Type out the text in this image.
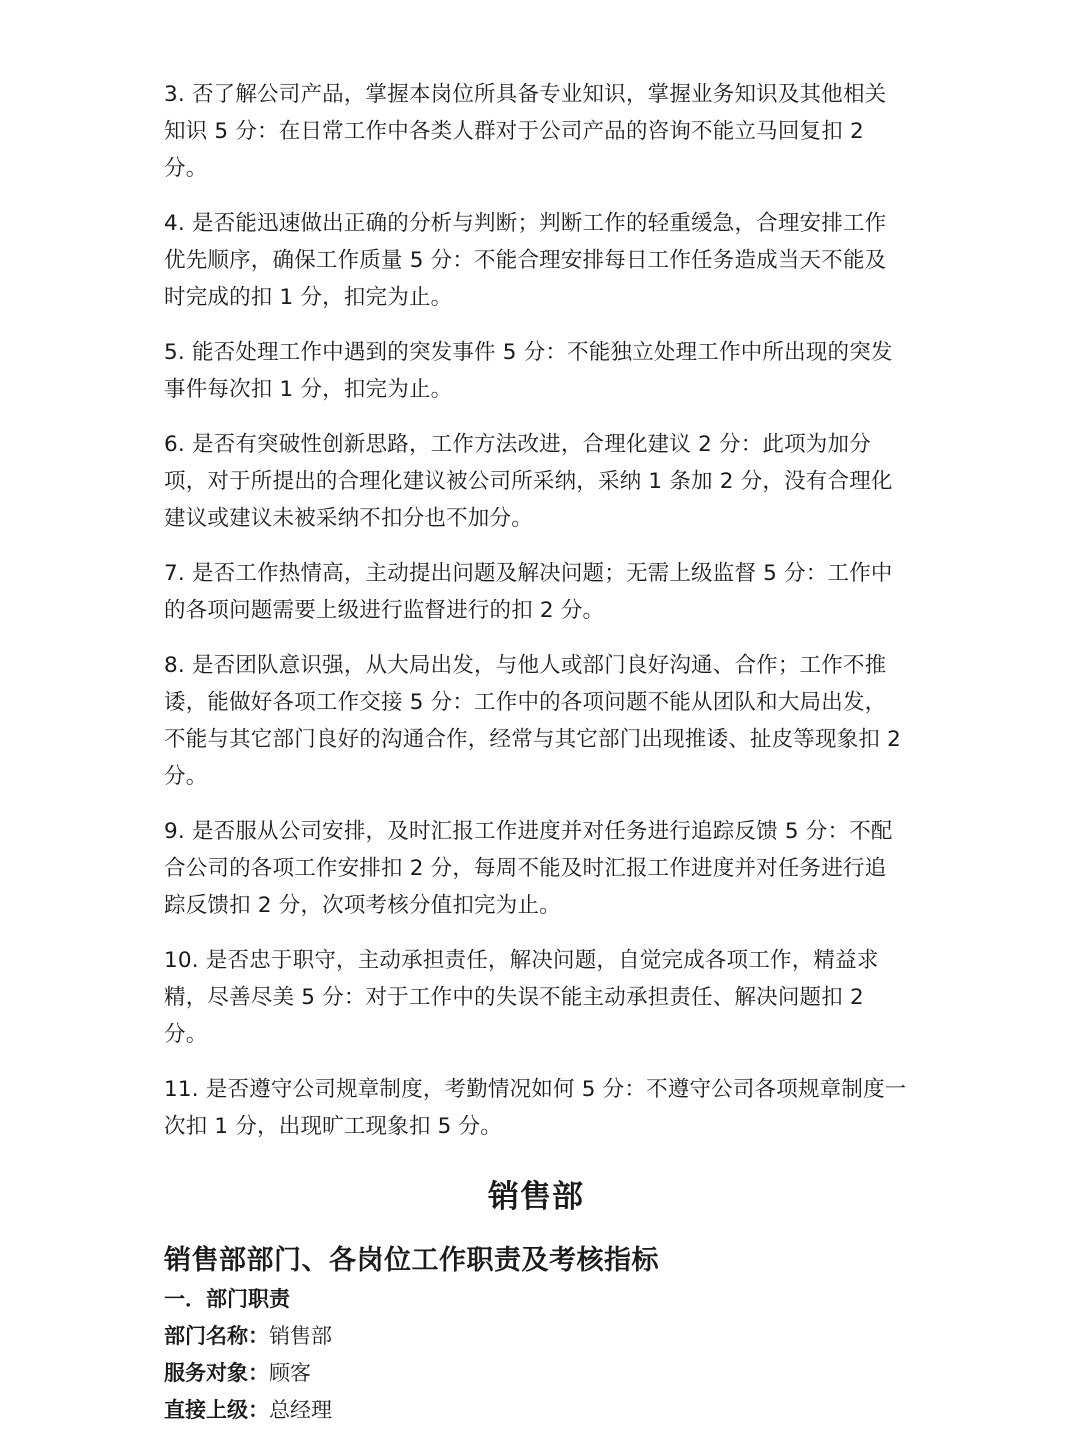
3. 否了解公司产品，掌握本岗位所具备专业知识，掌握业务知识及其他相关知识 5 分：在日常工作中各类人群对于公司产品的咨询不能立马回复扣 2 分。

4. 是否能迅速做出正确的分析与判断；判断工作的轻重缓急，合理安排工作优先顺序，确保工作质量 5 分：不能合理安排每日工作任务造成当天不能及时完成的扣 1 分，扣完为止。

5. 能否处理工作中遇到的突发事件 5 分：不能独立处理工作中所出现的突发事件每次扣 1 分，扣完为止。

6. 是否有突破性创新思路，工作方法改进，合理化建议 2 分：此项为加分项，对于所提出的合理化建议被公司所采纳，采纳 1 条加 2 分，没有合理化建议或建议未被采纳不扣分也不加分。

7. 是否工作热情高，主动提出问题及解决问题；无需上级监督 5 分：工作中的各项问题需要上级进行监督进行的扣 2 分。

8. 是否团队意识强，从大局出发，与他人或部门良好沟通、合作；工作不推诿，能做好各项工作交接 5 分：工作中的各项问题不能从团队和大局出发，不能与其它部门良好的沟通合作，经常与其它部门出现推诿、扯皮等现象扣 2 分。

9. 是否服从公司安排，及时汇报工作进度并对任务进行追踪反馈 5 分：不配合公司的各项工作安排扣 2 分，每周不能及时汇报工作进度并对任务进行追踪反馈扣 2 分，次项考核分值扣完为止。

10. 是否忠于职守，主动承担责任，解决问题，自觉完成各项工作，精益求精，尽善尽美 5 分：对于工作中的失误不能主动承担责任、解决问题扣 2 分。

11. 是否遵守公司规章制度，考勤情况如何 5 分：不遵守公司各项规章制度一次扣 1 分，出现旷工现象扣 5 分。

销售部
销售部部门、各岗位工作职责及考核指标

一．部门职责

部门名称：销售部

服务对象：顾客

直接上级：总经理
